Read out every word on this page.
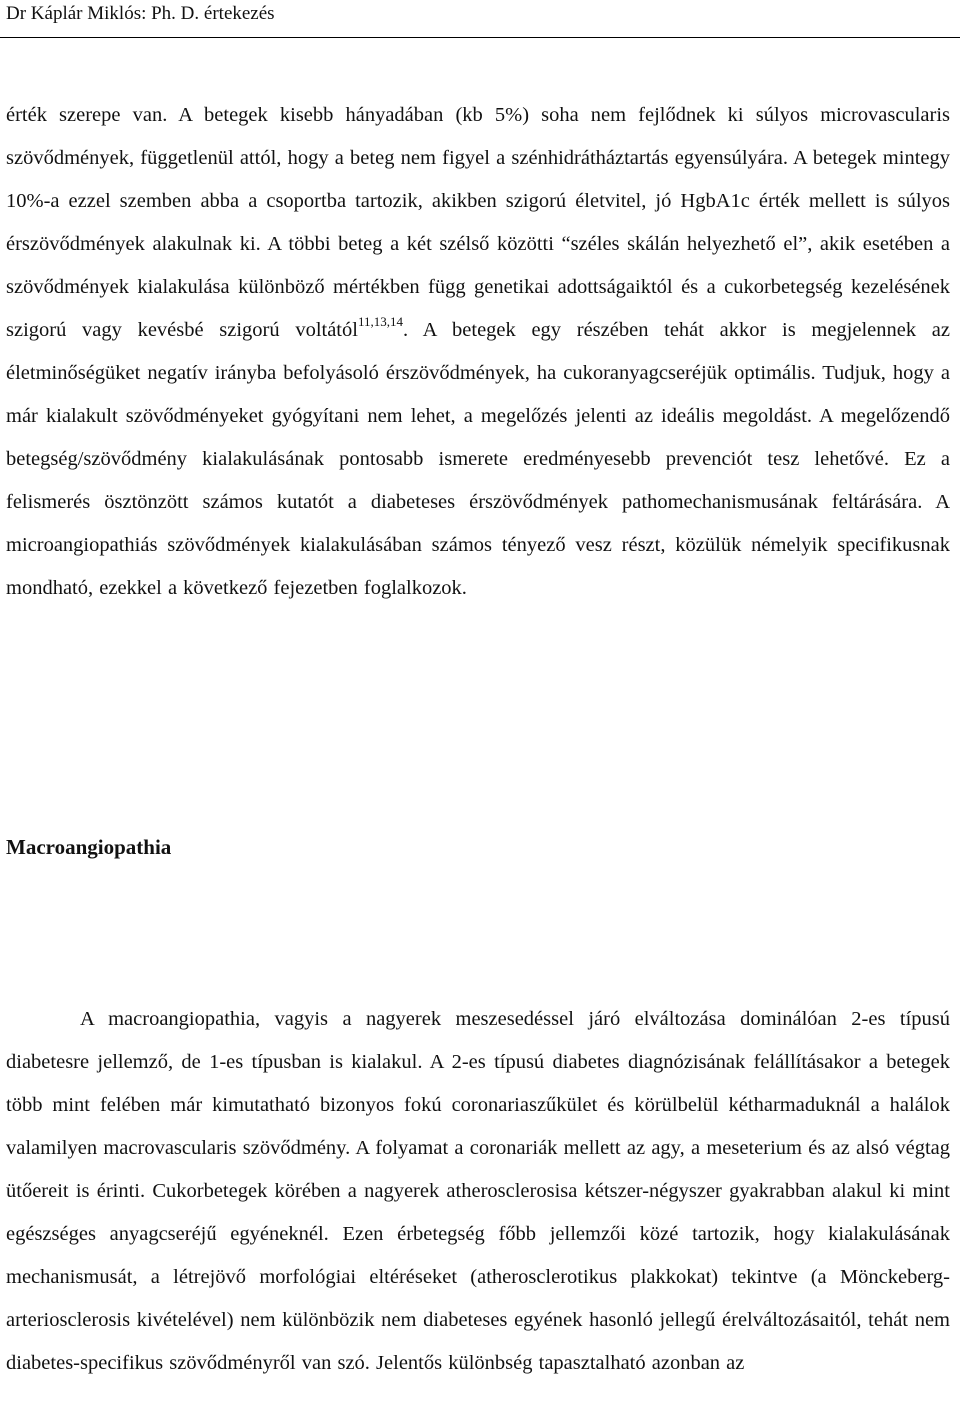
Dr Káplár Miklós: Ph. D. értekezés
érték szerepe van. A betegek kisebb hányadában (kb 5%) soha nem fejlődnek ki súlyos microvascularis szövődmények, függetlenül attól, hogy a beteg nem figyel a szénhidrátháztartás egyensúlyára. A betegek mintegy 10%-a ezzel szemben abba a csoportba tartozik, akikben szigorú életvitel, jó HgbA1c érték mellett is súlyos érszövődmények alakulnak ki. A többi beteg a két szélső közötti “széles skálán helyezhető el”, akik esetében a szövődmények kialakulása különböző mértékben függ genetikai adottságaiktól és a cukorbetegség kezelésének szigorú vagy kevésbé szigorú voltától$^{11,13,14}$. A betegek egy részében tehát akkor is megjelennek az életminőségüket negatív irányba befolyásoló érszövődmények, ha cukoranyagcseréjük optimális. Tudjuk, hogy a már kialakult szövődményeket gyógyítani nem lehet, a megelőzés jelenti az ideális megoldást. A megelőzendő betegség/szövődmény kialakulásának pontosabb ismerete eredményesebb prevenciót tesz lehetővé. Ez a felismerés ösztönzött számos kutatót a diabeteses érszövődmények pathomechanismusának feltárására. A microangiopathiás szövődmények kialakulásában számos tényező vesz részt, közülük némelyik specifikusnak mondható, ezekkel a következő fejezetben foglalkozok.
Macroangiopathia
A macroangiopathia, vagyis a nagyerek meszesedéssel járó elváltozása dominálóan 2-es típusú diabetesre jellemző, de 1-es típusban is kialakul. A 2-es típusú diabetes diagnózisának felállításakor a betegek több mint felében már kimutatható bizonyos fokú coronariaszűkület és körülbelül kétharmaduknál a halálok valamilyen macrovascularis szövődmény. A folyamat a coronariák mellett az agy, a meseterium és az alsó végtag ütőereit is érinti. Cukorbetegek körében a nagyerek atherosclerosisa kétszer-négyszer gyakrabban alakul ki mint egészséges anyagcseréjű egyéneknél. Ezen érbetegség főbb jellemzői közé tartozik, hogy kialakulásának mechanismusát, a létrejövő morfológiai eltéréseket (atherosclerotikus plakkokat) tekintve (a Mönckeberg-arteriosclerosis kivételével) nem különbözik nem diabeteses egyének hasonló jellegű érelváltozásaitól, tehát nem diabetes-specifikus szövődményről van szó. Jelentős különbség tapasztalható azonban az
